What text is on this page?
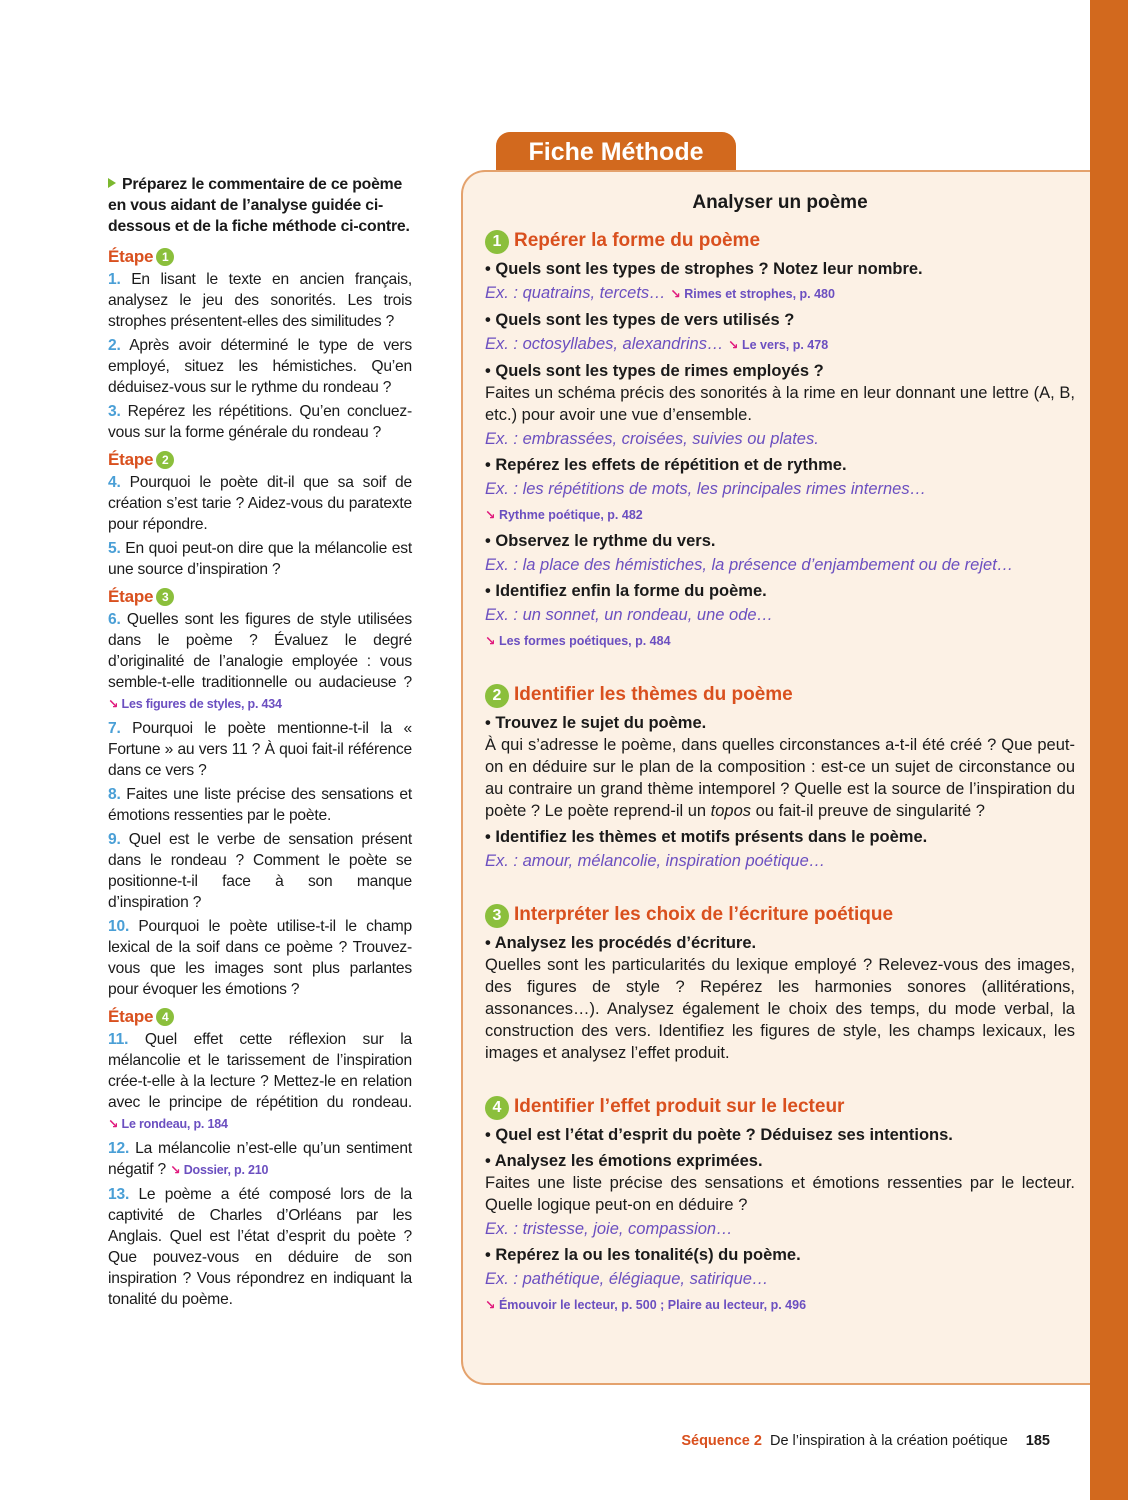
Préparez le commentaire de ce poème en vous aidant de l’analyse guidée ci-dessous et de la fiche méthode ci-contre.

Étape 1

1. En lisant le texte en ancien français, analysez le jeu des sonorités. Les trois strophes présentent-elles des similitudes ?

2. Après avoir déterminé le type de vers employé, situez les hémistiches. Qu’en déduisez-vous sur le rythme du rondeau ?

3. Repérez les répétitions. Qu’en concluez-vous sur la forme générale du rondeau ?

Étape 2

4. Pourquoi le poète dit-il que sa soif de création s’est tarie ? Aidez-vous du paratexte pour répondre.

5. En quoi peut-on dire que la mélancolie est une source d’inspiration ?

Étape 3

6. Quelles sont les figures de style utilisées dans le poème ? Évaluez le degré d’originalité de l’analogie employée : vous semble-t-elle traditionnelle ou audacieuse ? ↘ Les figures de styles, p. 434

7. Pourquoi le poète mentionne-t-il la « Fortune » au vers 11 ? À quoi fait-il référence dans ce vers ?

8. Faites une liste précise des sensations et émotions ressenties par le poète.

9. Quel est le verbe de sensation présent dans le rondeau ? Comment le poète se positionne-t-il face à son manque d’inspiration ?

10. Pourquoi le poète utilise-t-il le champ lexical de la soif dans ce poème ? Trouvez-vous que les images sont plus parlantes pour évoquer les émotions ?

Étape 4

11. Quel effet cette réflexion sur la mélancolie et le tarissement de l’inspiration crée-t-elle à la lecture ? Mettez-le en relation avec le principe de répétition du rondeau. ↘ Le rondeau, p. 184

12. La mélancolie n’est-elle qu’un sentiment négatif ? ↘ Dossier, p. 210

13. Le poème a été composé lors de la captivité de Charles d’Orléans par les Anglais. Quel est l’état d’esprit du poète ? Que pouvez-vous en déduire de son inspiration ? Vous répondrez en indiquant la tonalité du poème.

Fiche Méthode
Analyser un poème
1 Repérer la forme du poème
• Quels sont les types de strophes ? Notez leur nombre.
Ex. : quatrains, tercets… ↘ Rimes et strophes, p. 480
• Quels sont les types de vers utilisés ?
Ex. : octosyllabes, alexandrins… ↘ Le vers, p. 478
• Quels sont les types de rimes employés ?
Faites un schéma précis des sonorités à la rime en leur donnant une lettre (A, B, etc.) pour avoir une vue d’ensemble.
Ex. : embrassées, croisées, suivies ou plates.
• Repérez les effets de répétition et de rythme.
Ex. : les répétitions de mots, les principales rimes internes…
↘ Rythme poétique, p. 482
• Observez le rythme du vers.
Ex. : la place des hémistiches, la présence d’enjambement ou de rejet…
• Identifiez enfin la forme du poème.
Ex. : un sonnet, un rondeau, une ode…
↘ Les formes poétiques, p. 484
2 Identifier les thèmes du poème
• Trouvez le sujet du poème.
À qui s’adresse le poème, dans quelles circonstances a-t-il été créé ? Que peut-on en déduire sur le plan de la composition : est-ce un sujet de circonstance ou au contraire un grand thème intemporel ? Quelle est la source de l’inspiration du poète ? Le poète reprend-il un topos ou fait-il preuve de singularité ?
• Identifiez les thèmes et motifs présents dans le poème.
Ex. : amour, mélancolie, inspiration poétique…
3 Interpréter les choix de l’écriture poétique
• Analysez les procédés d’écriture.
Quelles sont les particularités du lexique employé ? Relevez-vous des images, des figures de style ? Repérez les harmonies sonores (allitérations, assonances…). Analysez également le choix des temps, du mode verbal, la construction des vers. Identifiez les figures de style, les champs lexicaux, les images et analysez l’effet produit.
4 Identifier l’effet produit sur le lecteur
• Quel est l’état d’esprit du poète ? Déduisez ses intentions.
• Analysez les émotions exprimées.
Faites une liste précise des sensations et émotions ressenties par le lecteur. Quelle logique peut-on en déduire ?
Ex. : tristesse, joie, compassion…
• Repérez la ou les tonalité(s) du poème.
Ex. : pathétique, élégiaque, satirique…
↘ Émouvoir le lecteur, p. 500 ; Plaire au lecteur, p. 496
Séquence 2 De l’inspiration à la création poétique 185
